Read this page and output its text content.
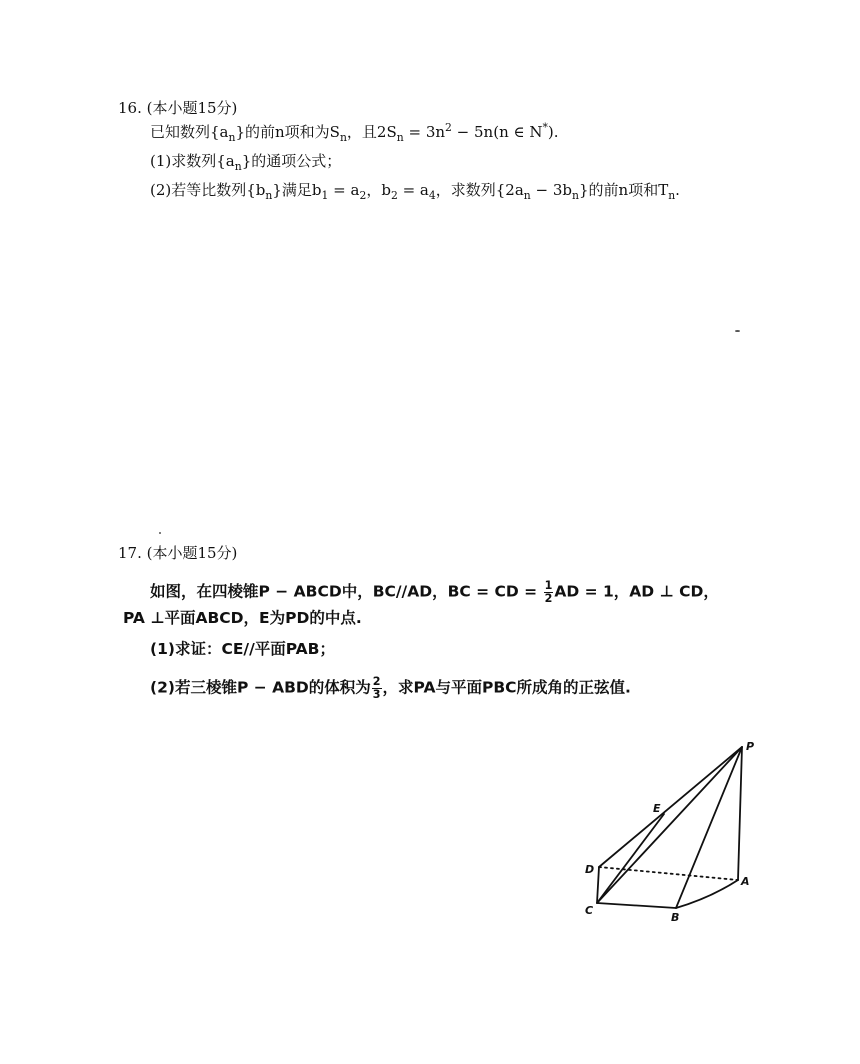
16. (本小题15分)
已知数列$\{a_n\}$的前n项和为$S_n$，且$2S_n = 3n^2 - 5n(n$ ∈ N*).
(1)求数列$\{a_n\}$的通项公式；
(2)若等比数列$\{b_n\}$满足$b_1 = a_2$，$b_2 = a_4$，求数列$\{2a_n - 3b_n\}$的前n项和$T_n$.
17. (本小题15分)
如图，在四棱锥P − ABCD中，BC//AD，BC = CD = $\frac{1}{2}$ AD = 1，AD ⊥ CD，
PA ⊥平面ABCD，E为PD的中点.
(1)求证：CE//平面PAB；
(2)若三棱锥P − ABD的体积为 $\frac{2}{3}$ ，求PA与平面PBC所成角的正弦值.
P
E
D
A
C
B
